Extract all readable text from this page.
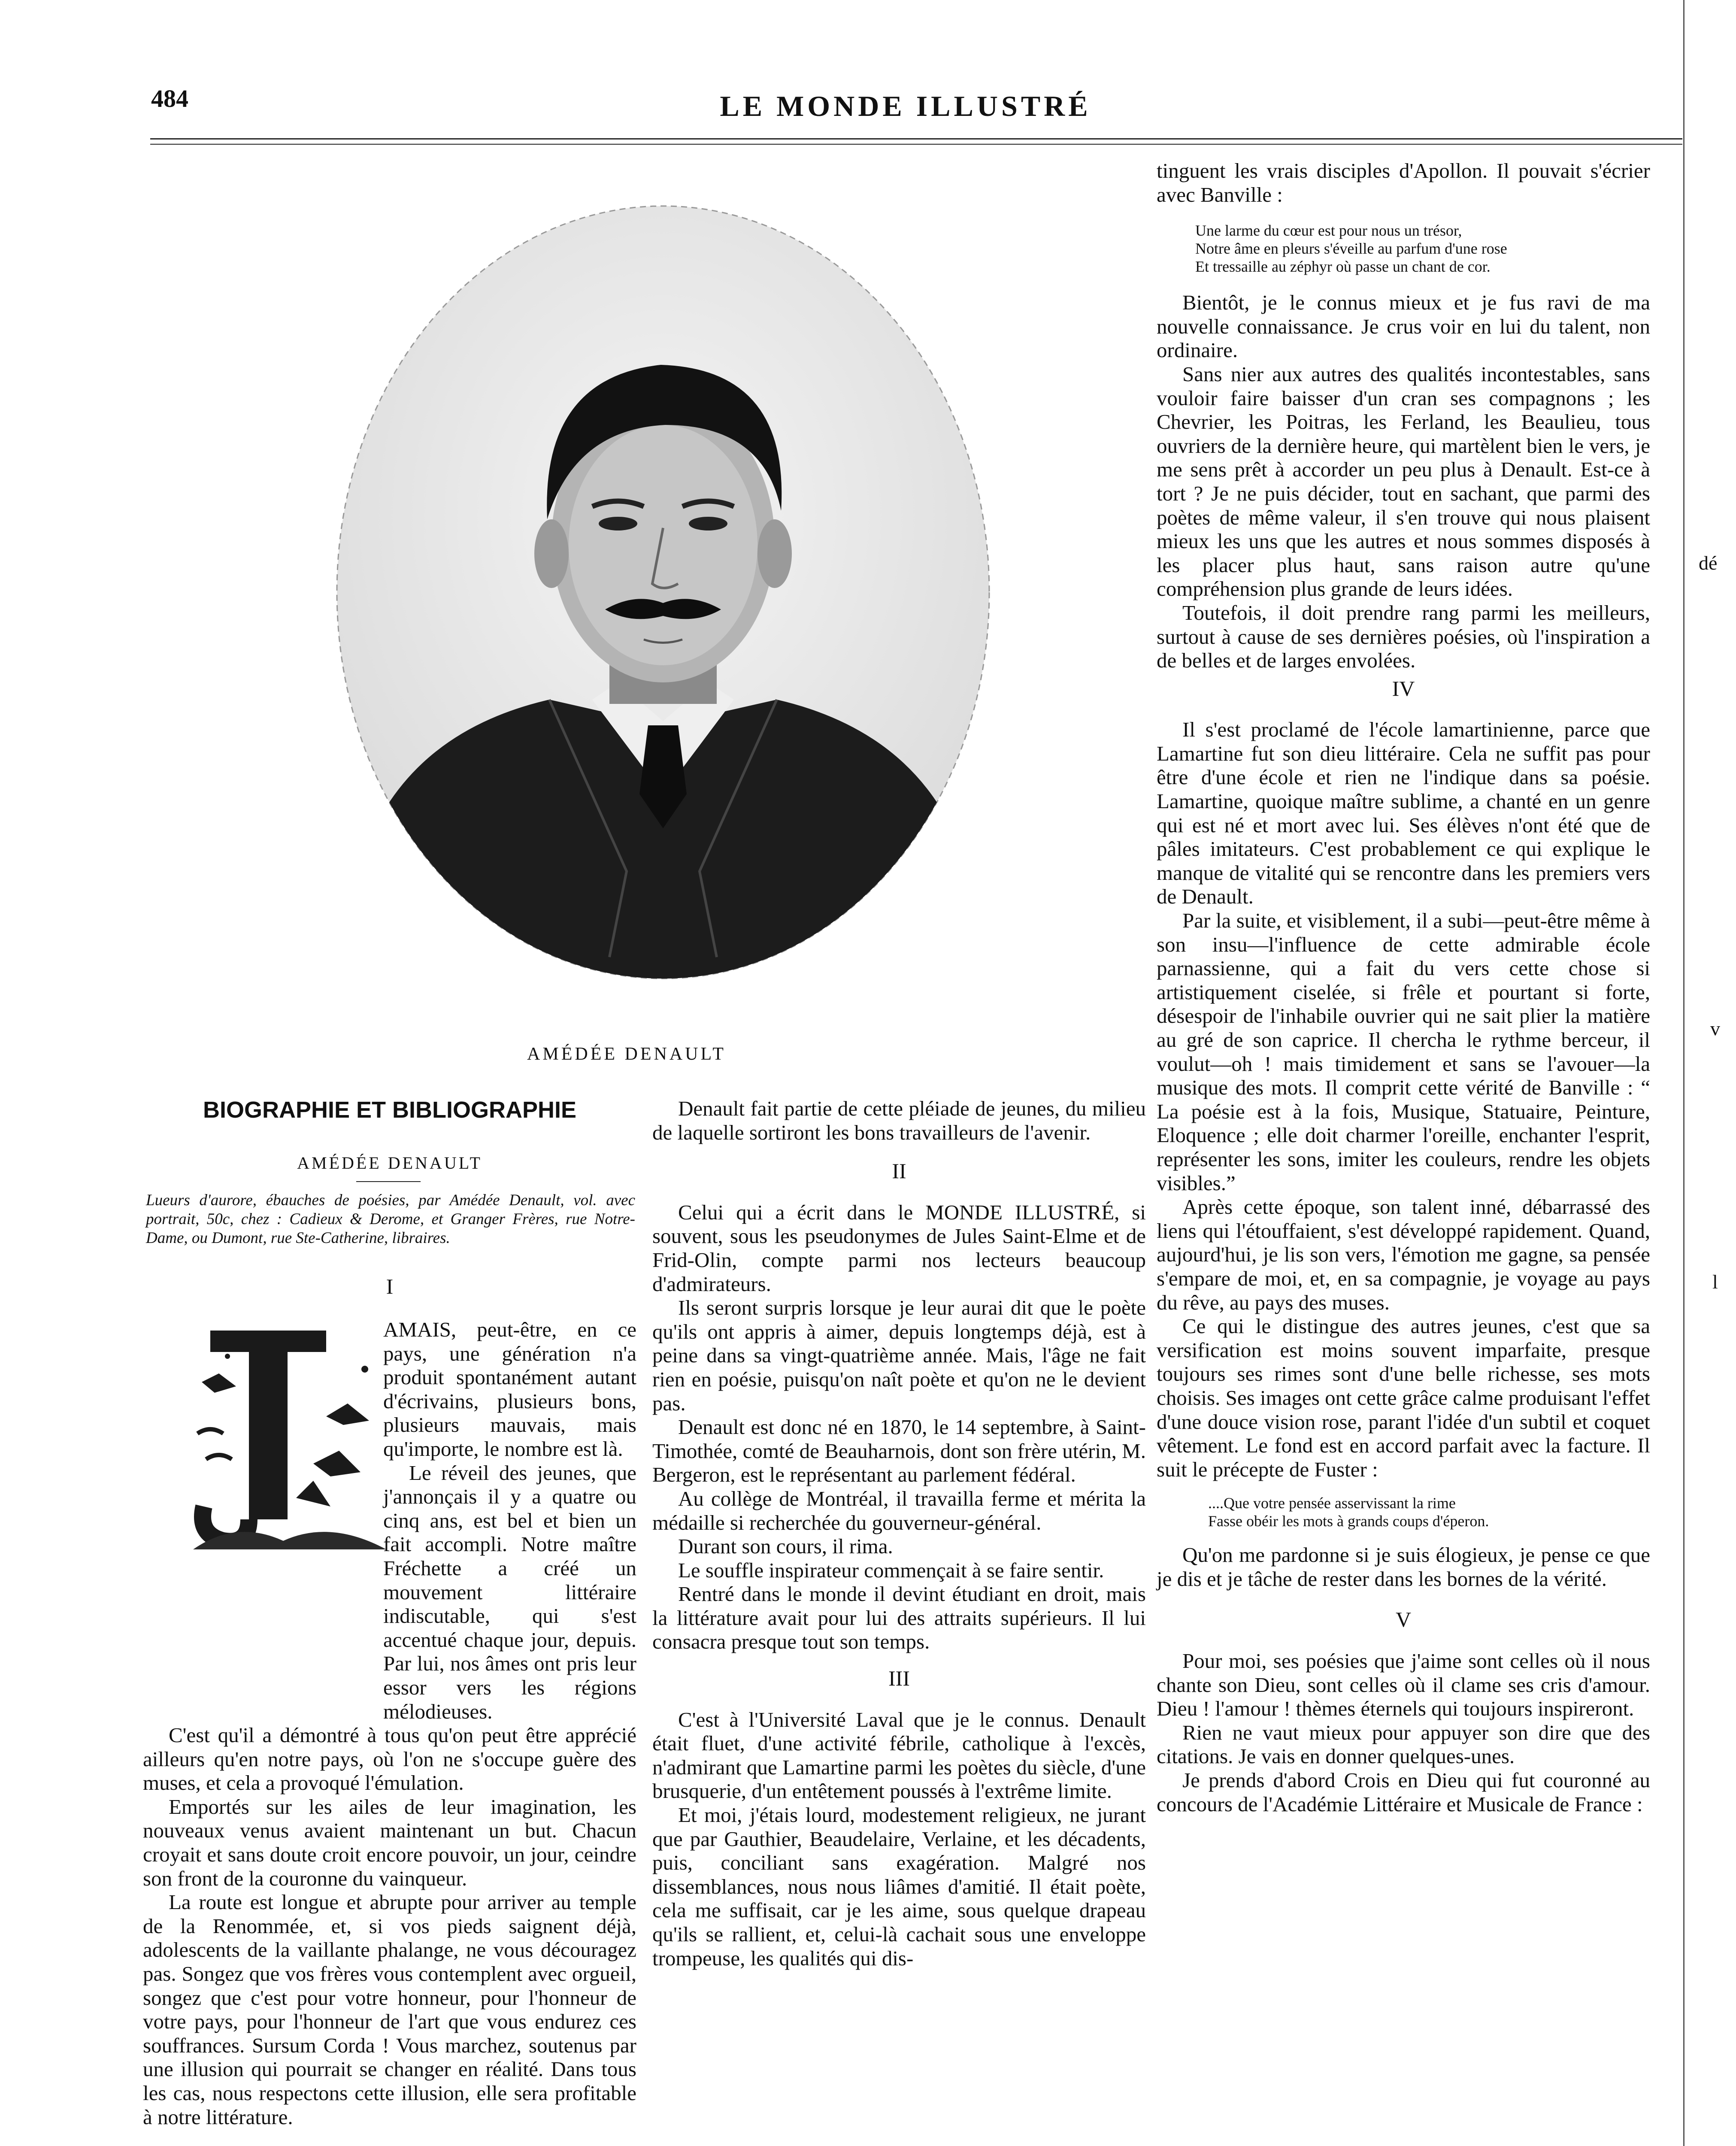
484	LE MONDE ILLUSTRÉ
AMÉDÉE DENAULT
BIOGRAPHIE ET BIBLIOGRAPHIE
AMÉDÉE DENAULT
Lueurs d'aurore, ébauches de poésies, par Amédée Denault, vol. avec portrait, 50c, chez : Cadieux & Derome, et Granger Frères, rue Notre-Dame, ou Dumont, rue Ste-Catherine, libraires.
I

AMAIS, peut-être, en ce pays, une génération n'a produit spontanément autant d'écrivains, plusieurs bons, plusieurs mauvais, mais qu'importe, le nombre est là.

Le réveil des jeunes, que j'annonçais il y a quatre ou cinq ans, est bel et bien un fait accompli. Notre maître Fréchette a créé un mouvement littéraire indiscutable, qui s'est accentué chaque jour, depuis. Par lui, nos âmes ont pris leur essor vers les régions mélodieuses.

C'est qu'il a démontré à tous qu'on peut être apprécié ailleurs qu'en notre pays, où l'on ne s'occupe guère des muses, et cela a provoqué l'émulation.

Emportés sur les ailes de leur imagination, les nouveaux venus avaient maintenant un but. Chacun croyait et sans doute croit encore pouvoir, un jour, ceindre son front de la couronne du vainqueur.

La route est longue et abrupte pour arriver au temple de la Renommée, et, si vos pieds saignent déjà, adolescents de la vaillante phalange, ne vous découragez pas. Songez que vos frères vous contemplent avec orgueil, songez que c'est pour votre honneur, pour l'honneur de votre pays, pour l'honneur de l'art que vous endurez ces souffrances. Sursum Corda ! Vous marchez, soutenus par une illusion qui pourrait se changer en réalité. Dans tous les cas, nous respectons cette illusion, elle sera profitable à notre littérature.

Denault fait partie de cette pléiade de jeunes, du milieu de laquelle sortiront les bons travailleurs de l'avenir.

II

Celui qui a écrit dans le MONDE ILLUSTRÉ, si souvent, sous les pseudonymes de Jules Saint-Elme et de Frid-Olin, compte parmi nos lecteurs beaucoup d'admirateurs.

Ils seront surpris lorsque je leur aurai dit que le poète qu'ils ont appris à aimer, depuis longtemps déjà, est à peine dans sa vingt-quatrième année. Mais, l'âge ne fait rien en poésie, puisqu'on naît poète et qu'on ne le devient pas.

Denault est donc né en 1870, le 14 septembre, à Saint-Timothée, comté de Beauharnois, dont son frère utérin, M. Bergeron, est le représentant au parlement fédéral.

Au collège de Montréal, il travailla ferme et mérita la médaille si recherchée du gouverneur-général.

Durant son cours, il rima.

Le souffle inspirateur commençait à se faire sentir.

Rentré dans le monde il devint étudiant en droit, mais la littérature avait pour lui des attraits supérieurs. Il lui consacra presque tout son temps.

III

C'est à l'Université Laval que je le connus. Denault était fluet, d'une activité fébrile, catholique à l'excès, n'admirant que Lamartine parmi les poètes du siècle, d'une brusquerie, d'un entêtement poussés à l'extrême limite.

Et moi, j'étais lourd, modestement religieux, ne jurant que par Gauthier, Beaudelaire, Verlaine, et les décadents, puis, conciliant sans exagération. Malgré nos dissemblances, nous nous liâmes d'amitié. Il était poète, cela me suffisait, car je les aime, sous quelque drapeau qu'ils se rallient, et, celui-là cachait sous une enveloppe trompeuse, les qualités qui dis-

tinguent les vrais disciples d'Apollon. Il pouvait s'écrier avec Banville :

Une larme du cœur est pour nous un trésor,
Notre âme en pleurs s'éveille au parfum d'une rose
Et tressaille au zéphyr où passe un chant de cor.

Bientôt, je le connus mieux et je fus ravi de ma nouvelle connaissance. Je crus voir en lui du talent, non ordinaire.

Sans nier aux autres des qualités incontestables, sans vouloir faire baisser d'un cran ses compagnons ; les Chevrier, les Poitras, les Ferland, les Beaulieu, tous ouvriers de la dernière heure, qui martèlent bien le vers, je me sens prêt à accorder un peu plus à Denault. Est-ce à tort ? Je ne puis décider, tout en sachant, que parmi des poètes de même valeur, il s'en trouve qui nous plaisent mieux les uns que les autres et nous sommes disposés à les placer plus haut, sans raison autre qu'une compréhension plus grande de leurs idées.

Toutefois, il doit prendre rang parmi les meilleurs, surtout à cause de ses dernières poésies, où l'inspiration a de belles et de larges envolées.

IV

Il s'est proclamé de l'école lamartinienne, parce que Lamartine fut son dieu littéraire. Cela ne suffit pas pour être d'une école et rien ne l'indique dans sa poésie. Lamartine, quoique maître sublime, a chanté en un genre qui est né et mort avec lui. Ses élèves n'ont été que de pâles imitateurs. C'est probablement ce qui explique le manque de vitalité qui se rencontre dans les premiers vers de Denault.

Par la suite, et visiblement, il a subi—peut-être même à son insu—l'influence de cette admirable école parnassienne, qui a fait du vers cette chose si artistiquement ciselée, si frêle et pourtant si forte, désespoir de l'inhabile ouvrier qui ne sait plier la matière au gré de son caprice. Il chercha le rythme berceur, il voulut—oh ! mais timidement et sans se l'avouer—la musique des mots. Il comprit cette vérité de Banville : “ La poésie est à la fois, Musique, Statuaire, Peinture, Eloquence ; elle doit charmer l'oreille, enchanter l'esprit, représenter les sons, imiter les couleurs, rendre les objets visibles.”

Après cette époque, son talent inné, débarrassé des liens qui l'étouffaient, s'est développé rapidement. Quand, aujourd'hui, je lis son vers, l'émotion me gagne, sa pensée s'empare de moi, et, en sa compagnie, je voyage au pays du rêve, au pays des muses.

Ce qui le distingue des autres jeunes, c'est que sa versification est moins souvent imparfaite, presque toujours ses rimes sont d'une belle richesse, ses mots choisis. Ses images ont cette grâce calme produisant l'effet d'une douce vision rose, parant l'idée d'un subtil et coquet vêtement. Le fond est en accord parfait avec la facture. Il suit le précepte de Fuster :

....Que votre pensée asservissant la rime
Fasse obéir les mots à grands coups d'éperon.

Qu'on me pardonne si je suis élogieux, je pense ce que je dis et je tâche de rester dans les bornes de la vérité.

V

Pour moi, ses poésies que j'aime sont celles où il nous chante son Dieu, sont celles où il clame ses cris d'amour. Dieu ! l'amour ! thèmes éternels qui toujours inspireront.

Rien ne vaut mieux pour appuyer son dire que des citations. Je vais en donner quelques-unes.

Je prends d'abord Crois en Dieu qui fut couronné au concours de l'Académie Littéraire et Musicale de France :

dé
v
l
